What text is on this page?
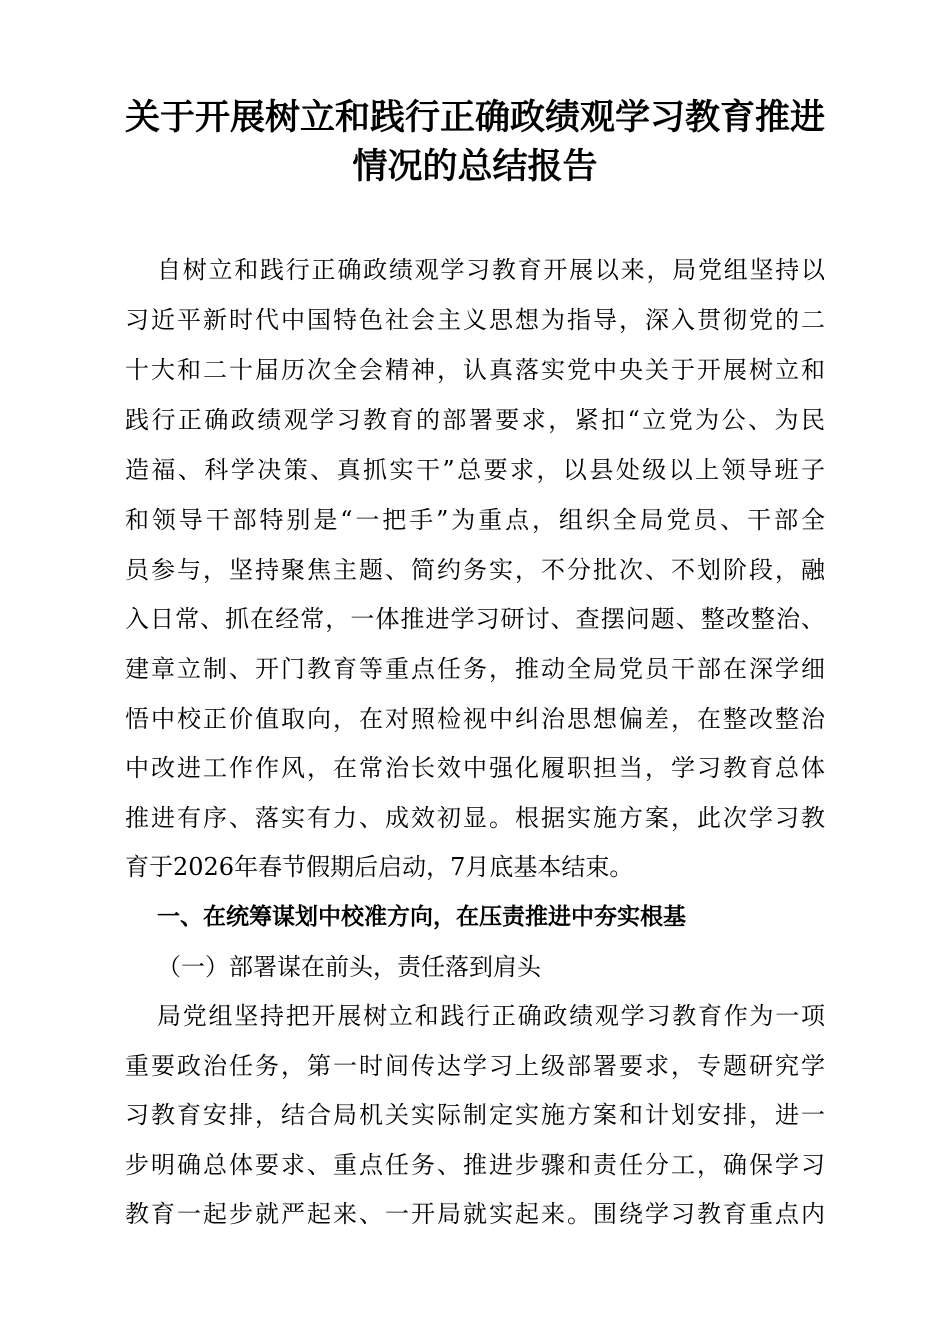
关于开展树立和践行正确政绩观学习教育推进
情况的总结报告
自树立和践行正确政绩观学习教育开展以来，局党组坚持以
习近平新时代中国特色社会主义思想为指导，深入贯彻党的二
十大和二十届历次全会精神，认真落实党中央关于开展树立和
践行正确政绩观学习教育的部署要求，紧扣“立党为公、为民
造福、科学决策、真抓实干”总要求，以县处级以上领导班子
和领导干部特别是“一把手”为重点，组织全局党员、干部全
员参与，坚持聚焦主题、简约务实，不分批次、不划阶段，融
入日常、抓在经常，一体推进学习研讨、查摆问题、整改整治、
建章立制、开门教育等重点任务，推动全局党员干部在深学细
悟中校正价值取向，在对照检视中纠治思想偏差，在整改整治
中改进工作作风，在常治长效中强化履职担当，学习教育总体
推进有序、落实有力、成效初显。根据实施方案，此次学习教
育于2026年春节假期后启动，7月底基本结束。
一、在统筹谋划中校准方向，在压责推进中夯实根基
（一）部署谋在前头，责任落到肩头
局党组坚持把开展树立和践行正确政绩观学习教育作为一项
重要政治任务，第一时间传达学习上级部署要求，专题研究学
习教育安排，结合局机关实际制定实施方案和计划安排，进一
步明确总体要求、重点任务、推进步骤和责任分工，确保学习
教育一起步就严起来、一开局就实起来。围绕学习教育重点内
